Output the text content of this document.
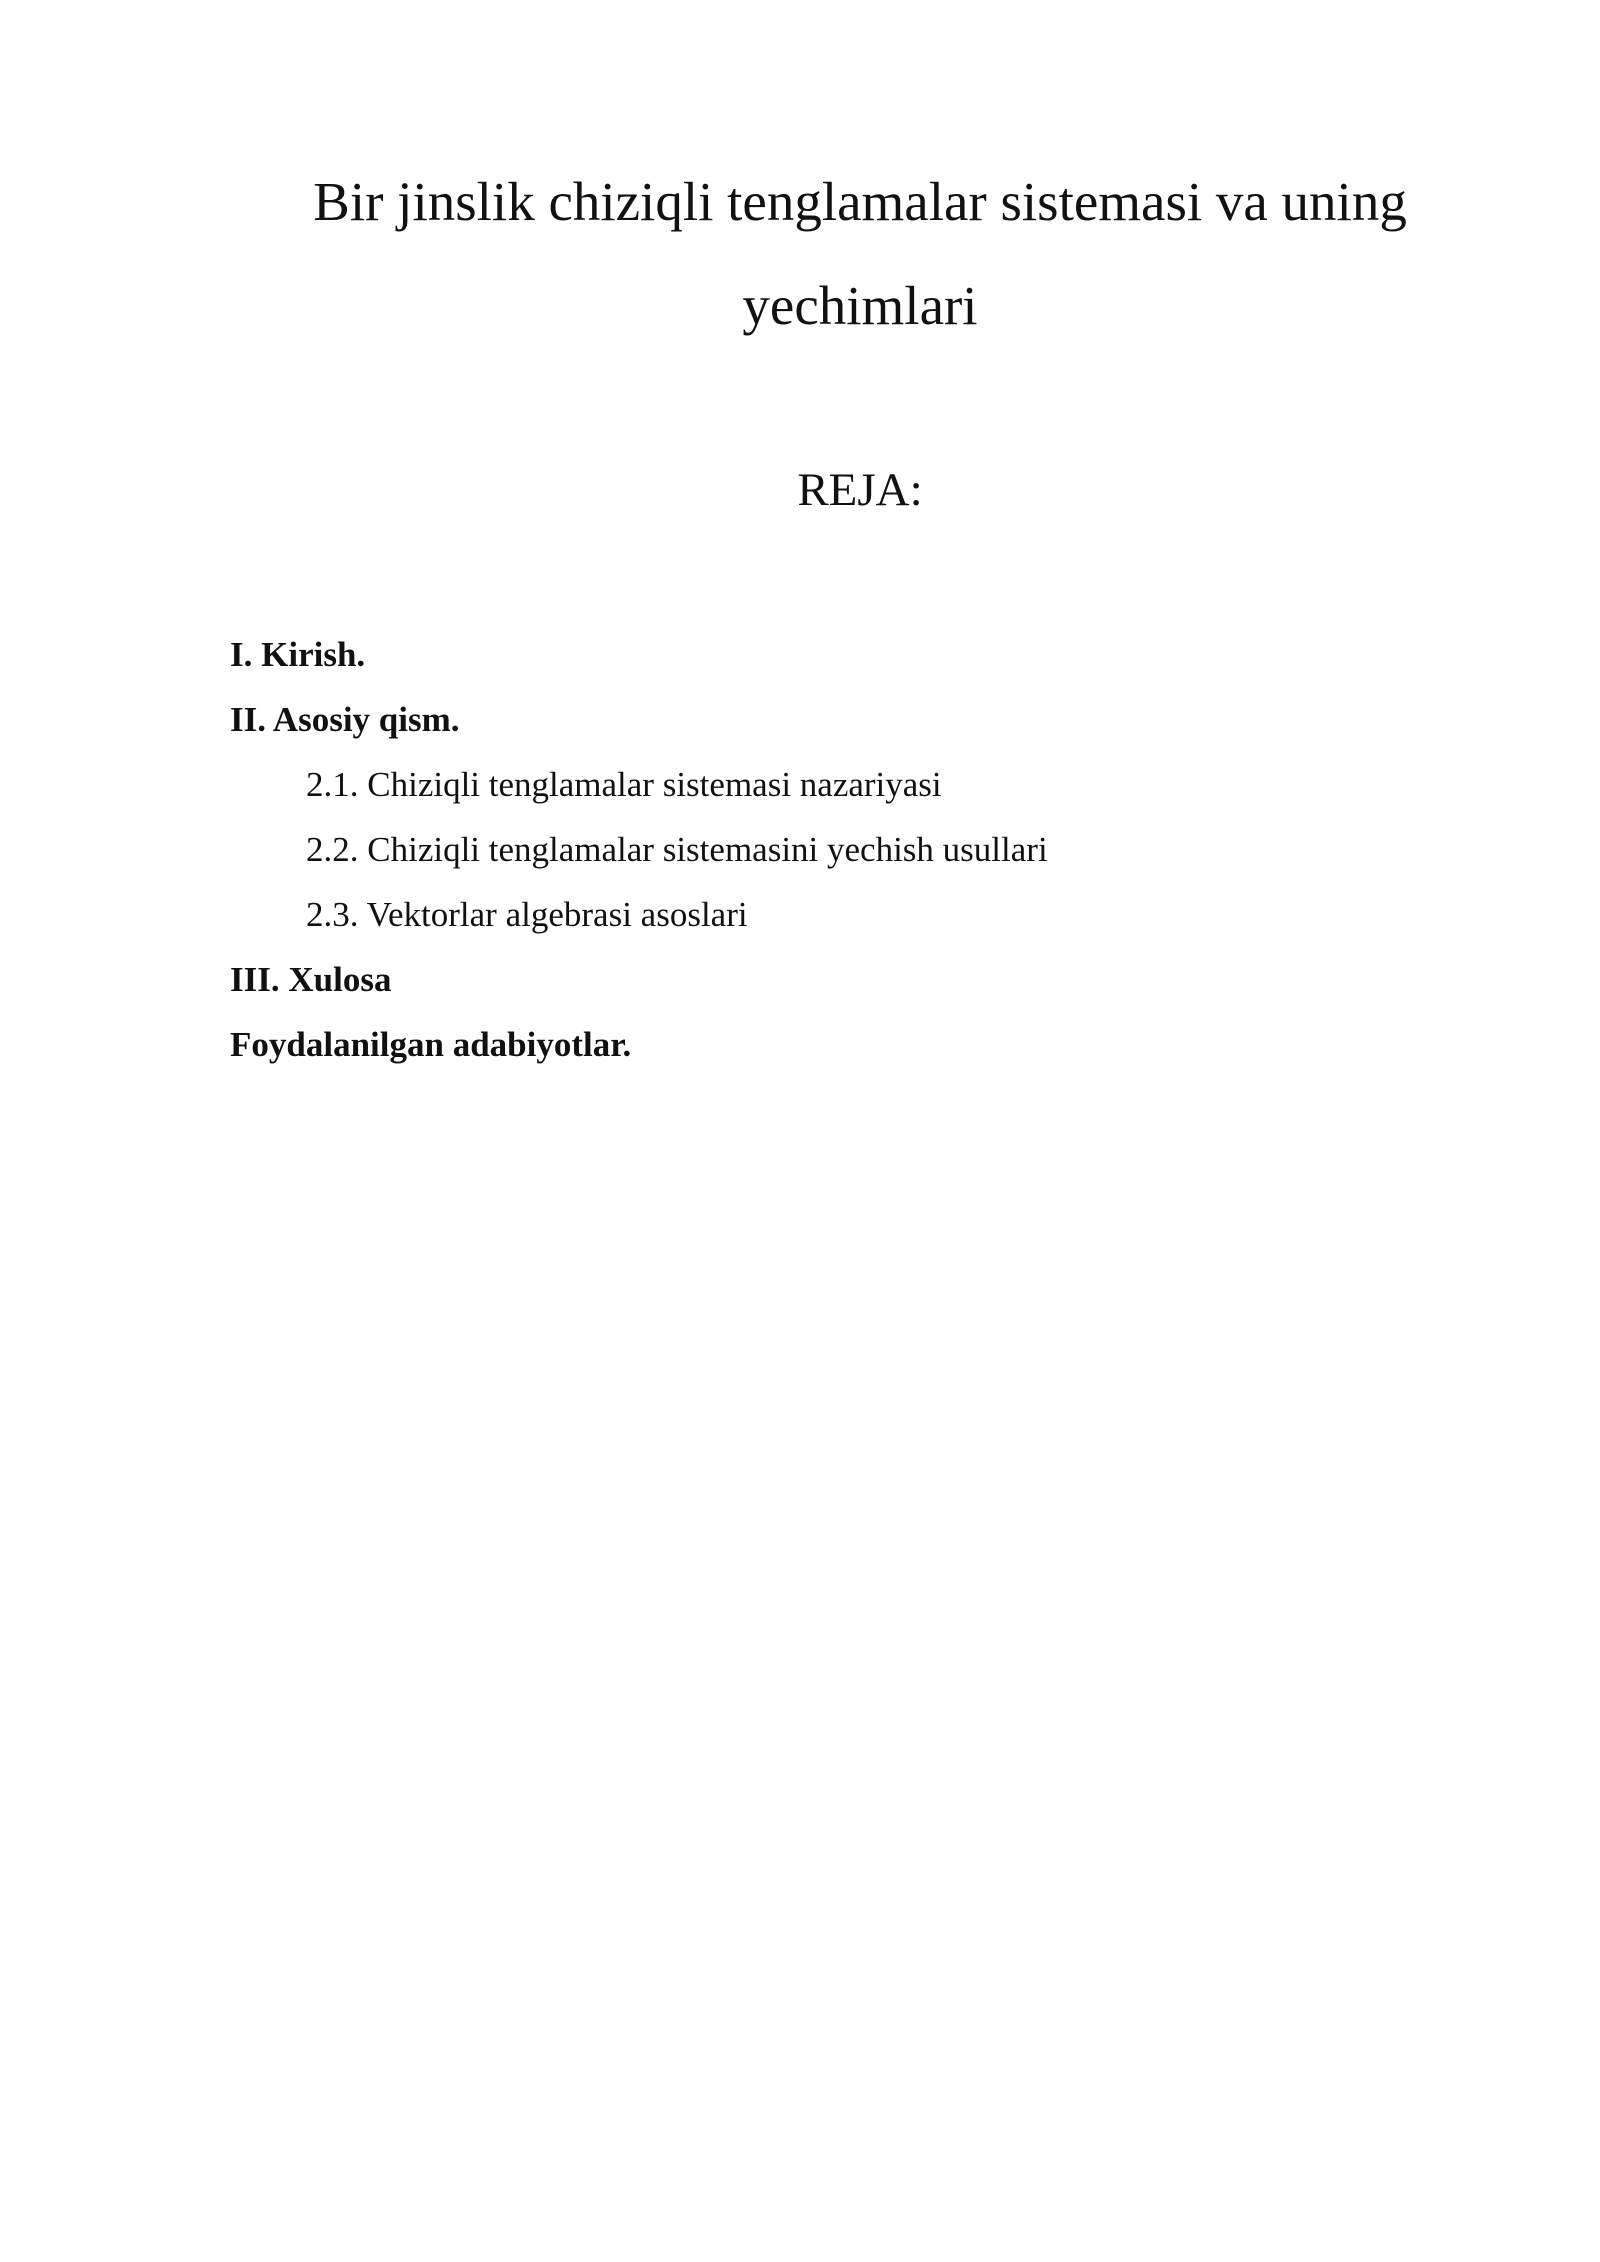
Bir jinslik chiziqli tenglamalar sistemasi va uning yechimlari
REJA:
I. Kirish.
II. Asosiy qism.
2.1. Chiziqli tenglamalar sistemasi nazariyasi
2.2. Chiziqli tenglamalar sistemasini yechish usullari
2.3. Vektorlar algebrasi asoslari
III. Xulosa
Foydalanilgan adabiyotlar.
